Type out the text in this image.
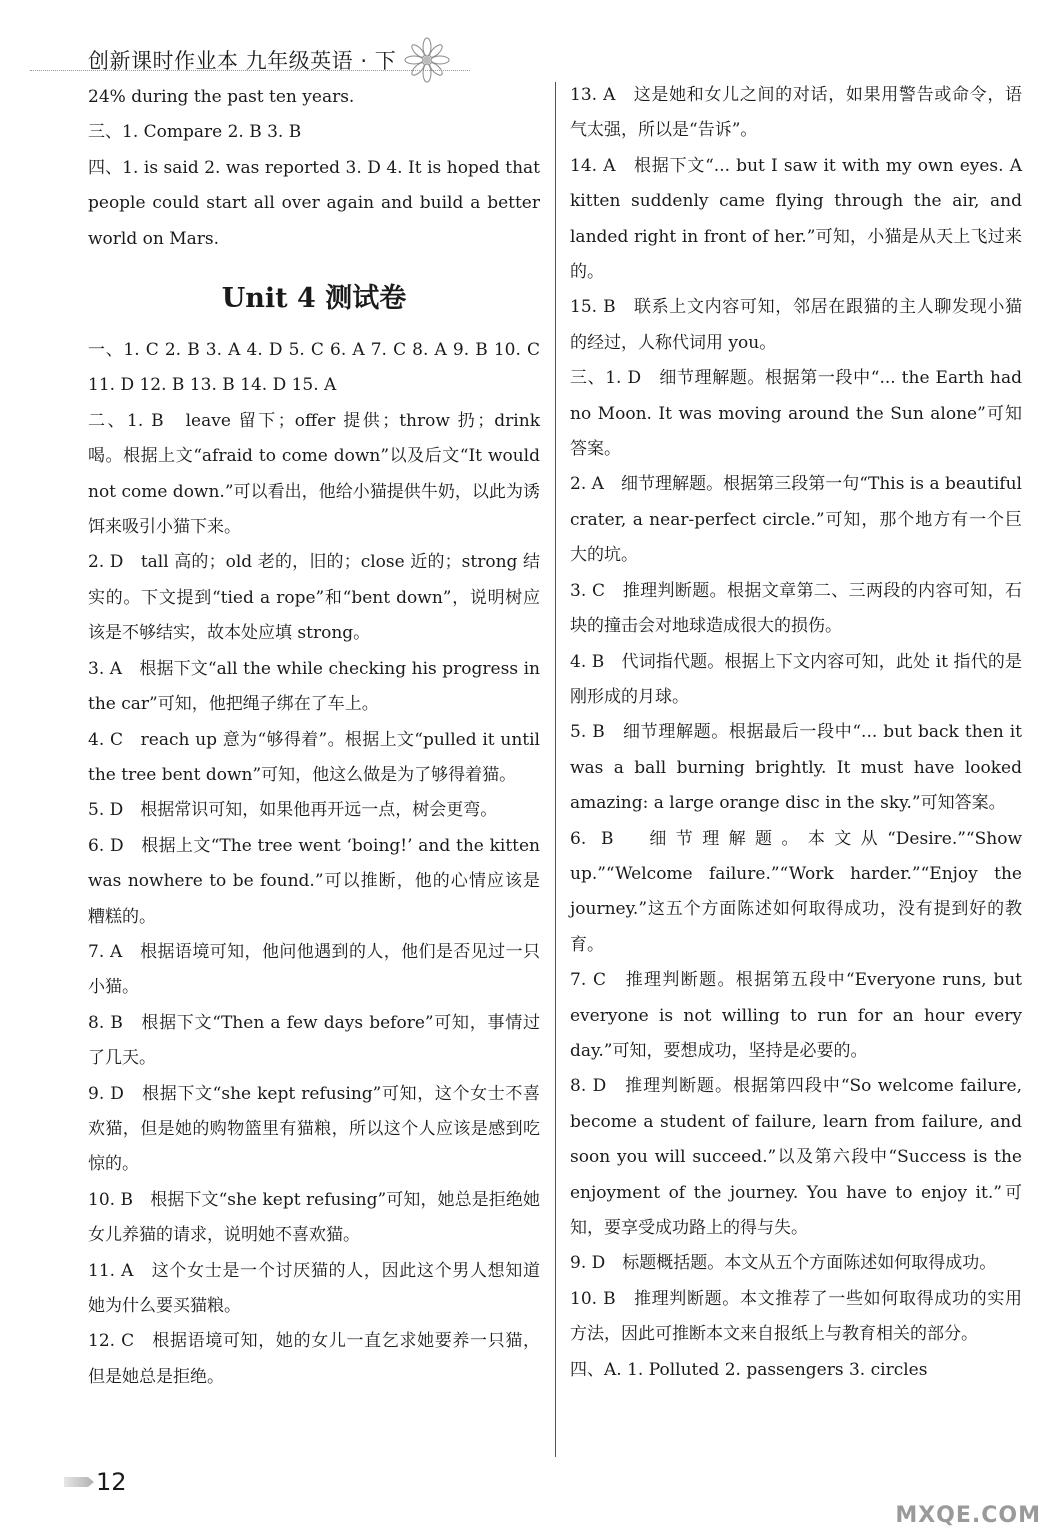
创新课时作业本 九年级英语 · 下

24% during the past ten years.

三、1. Compare 2. B 3. B

四、1. is said 2. was reported 3. D 4. It is hoped that people could start all over again and build a better world on Mars.

Unit 4 测试卷

一、1. C 2. B 3. A 4. D 5. C 6. A 7. C 8. A 9. B 10. C 11. D 12. B 13. B 14. D 15. A

二、1. B　leave 留下；offer 提供；throw 扔；drink 喝。根据上文“afraid to come down”以及后文“It would not come down.”可以看出，他给小猫提供牛奶，以此为诱饵来吸引小猫下来。

2. D　tall 高的；old 老的，旧的；close 近的；strong 结实的。下文提到“tied a rope”和“bent down”，说明树应该是不够结实，故本处应填 strong。

3. A　根据下文“all the while checking his progress in the car”可知，他把绳子绑在了车上。

4. C　reach up 意为“够得着”。根据上文“pulled it until the tree bent down”可知，他这么做是为了够得着猫。

5. D　根据常识可知，如果他再开远一点，树会更弯。

6. D　根据上文“The tree went ‘boing!’ and the kitten was nowhere to be found.”可以推断，他的心情应该是糟糕的。

7. A　根据语境可知，他问他遇到的人，他们是否见过一只小猫。

8. B　根据下文“Then a few days before”可知，事情过了几天。

9. D　根据下文“she kept refusing”可知，这个女士不喜欢猫，但是她的购物篮里有猫粮，所以这个人应该是感到吃惊的。

10. B　根据下文“she kept refusing”可知，她总是拒绝她女儿养猫的请求，说明她不喜欢猫。

11. A　这个女士是一个讨厌猫的人，因此这个男人想知道她为什么要买猫粮。

12. C　根据语境可知，她的女儿一直乞求她要养一只猫，但是她总是拒绝。

13. A　这是她和女儿之间的对话，如果用警告或命令，语气太强，所以是“告诉”。

14. A　根据下文“... but I saw it with my own eyes. A kitten suddenly came flying through the air, and landed right in front of her.”可知，小猫是从天上飞过来的。

15. B　联系上文内容可知，邻居在跟猫的主人聊发现小猫的经过，人称代词用 you。

三、1. D　细节理解题。根据第一段中“... the Earth had no Moon. It was moving around the Sun alone”可知答案。

2. A　细节理解题。根据第三段第一句“This is a beautiful crater, a near-perfect circle.”可知，那个地方有一个巨大的坑。

3. C　推理判断题。根据文章第二、三两段的内容可知，石块的撞击会对地球造成很大的损伤。

4. B　代词指代题。根据上下文内容可知，此处 it 指代的是刚形成的月球。

5. B　细节理解题。根据最后一段中“... but back then it was a ball burning brightly. It must have looked amazing: a large orange disc in the sky.”可知答案。

6. B　细节理解题。本文从“Desire.”“Show up.”“Welcome failure.”“Work harder.”“Enjoy the journey.”这五个方面陈述如何取得成功，没有提到好的教育。

7. C　推理判断题。根据第五段中“Everyone runs, but everyone is not willing to run for an hour every day.”可知，要想成功，坚持是必要的。

8. D　推理判断题。根据第四段中“So welcome failure, become a student of failure, learn from failure, and soon you will succeed.”以及第六段中“Success is the enjoyment of the journey. You have to enjoy it.”可知，要享受成功路上的得与失。

9. D　标题概括题。本文从五个方面陈述如何取得成功。

10. B　推理判断题。本文推荐了一些如何取得成功的实用方法，因此可推断本文来自报纸上与教育相关的部分。

四、A. 1. Polluted 2. passengers 3. circles

12
MXQE.COM
